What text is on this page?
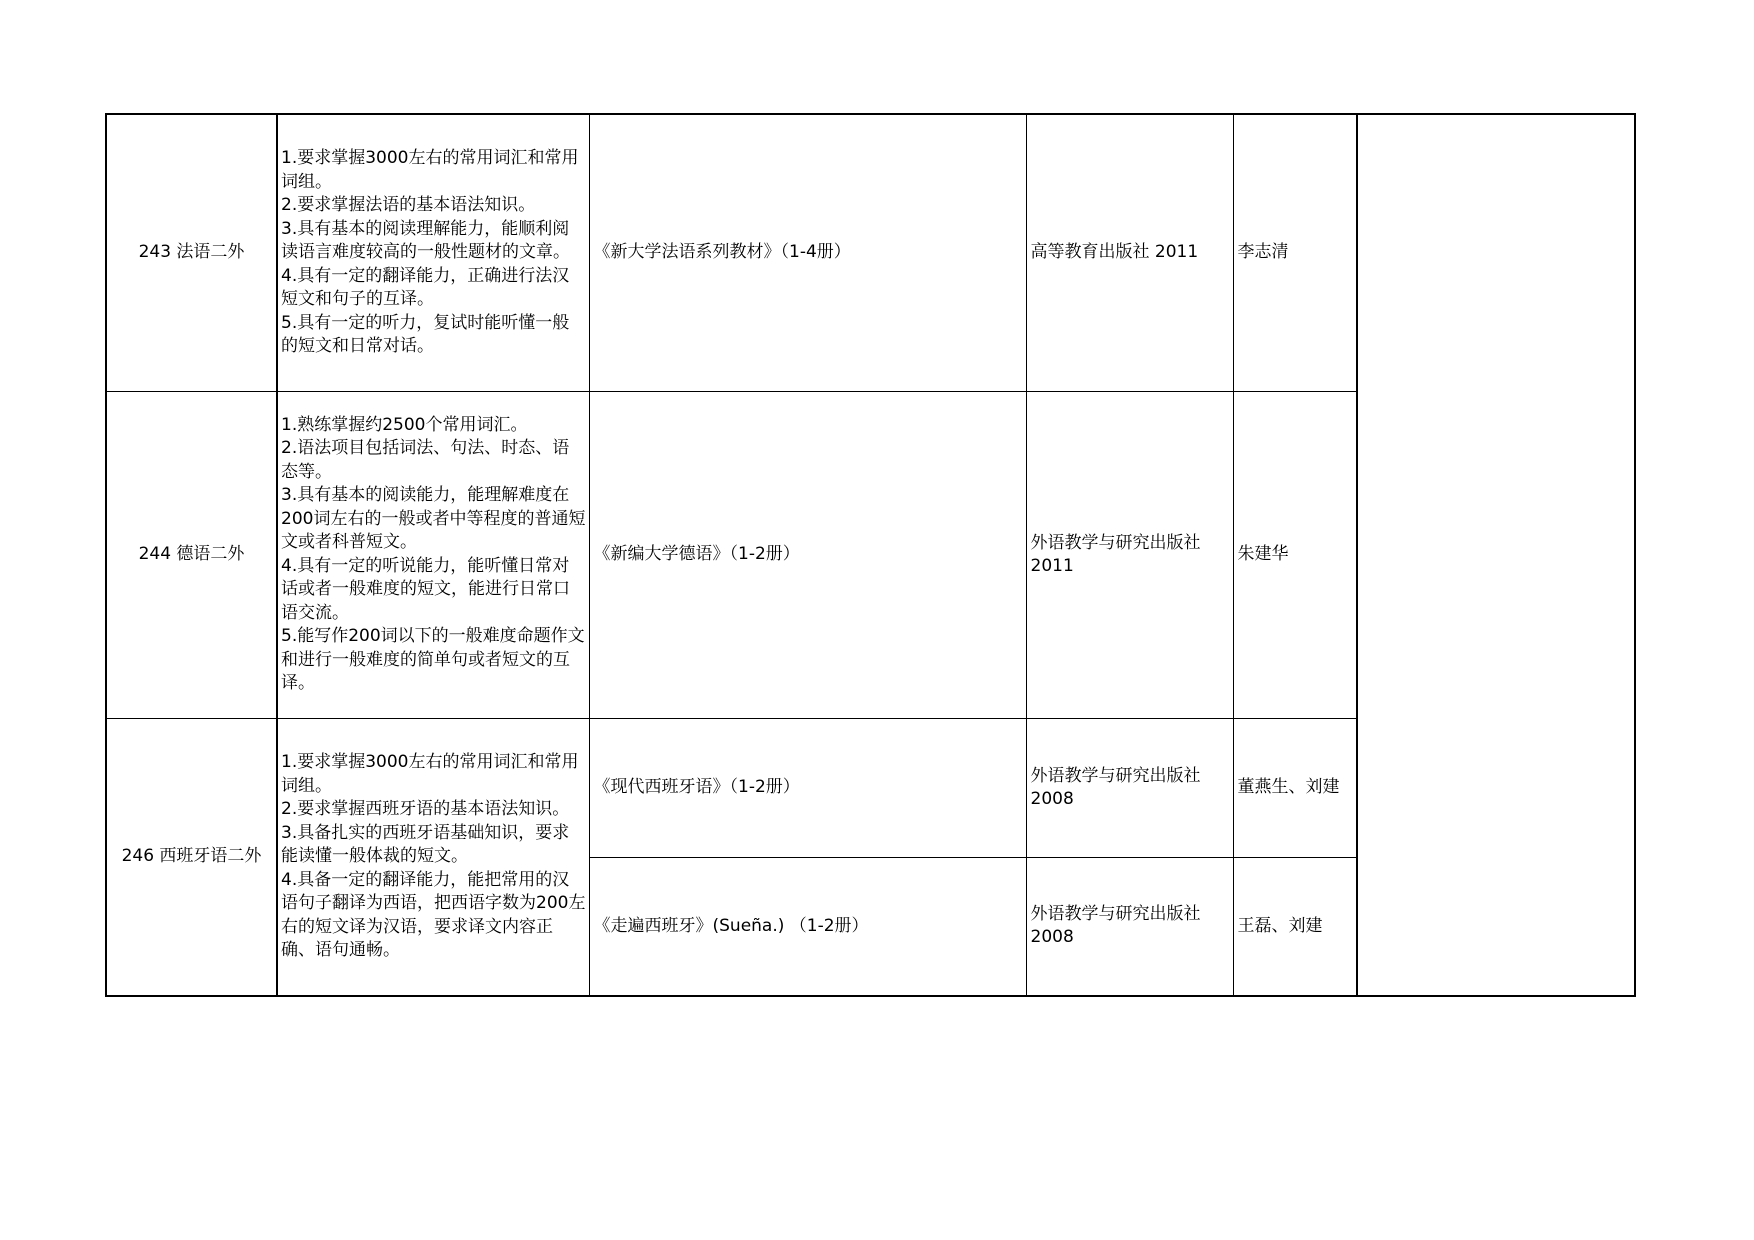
243 法语二外	1.要求掌握3000左右的常用词汇和常用词组。
2.要求掌握法语的基本语法知识。
3.具有基本的阅读理解能力，能顺利阅读语言难度较高的一般性题材的文章。
4.具有一定的翻译能力，正确进行法汉短文和句子的互译。
5.具有一定的听力，复试时能听懂一般的短文和日常对话。	《新大学法语系列教材》（1-4册）	高等教育出版社 2011	李志清	
244 德语二外	1.熟练掌握约2500个常用词汇。
2.语法项目包括词法、句法、时态、语态等。
3.具有基本的阅读能力，能理解难度在200词左右的一般或者中等程度的普通短文或者科普短文。
4.具有一定的听说能力，能听懂日常对话或者一般难度的短文，能进行日常口语交流。
5.能写作200词以下的一般难度命题作文和进行一般难度的简单句或者短文的互译。	《新编大学德语》（1-2册）	外语教学与研究出版社 2011	朱建华	
246 西班牙语二外	1.要求掌握3000左右的常用词汇和常用词组。
2.要求掌握西班牙语的基本语法知识。
3.具备扎实的西班牙语基础知识，要求能读懂一般体裁的短文。
4.具备一定的翻译能力，能把常用的汉语句子翻译为西语，把西语字数为200左右的短文译为汉语，要求译文内容正确、语句通畅。	《现代西班牙语》（1-2册）	外语教学与研究出版社 2008	董燕生、刘建	
		《走遍西班牙》(Sueña.) （1-2册）	外语教学与研究出版社 2008	王磊、刘建	
